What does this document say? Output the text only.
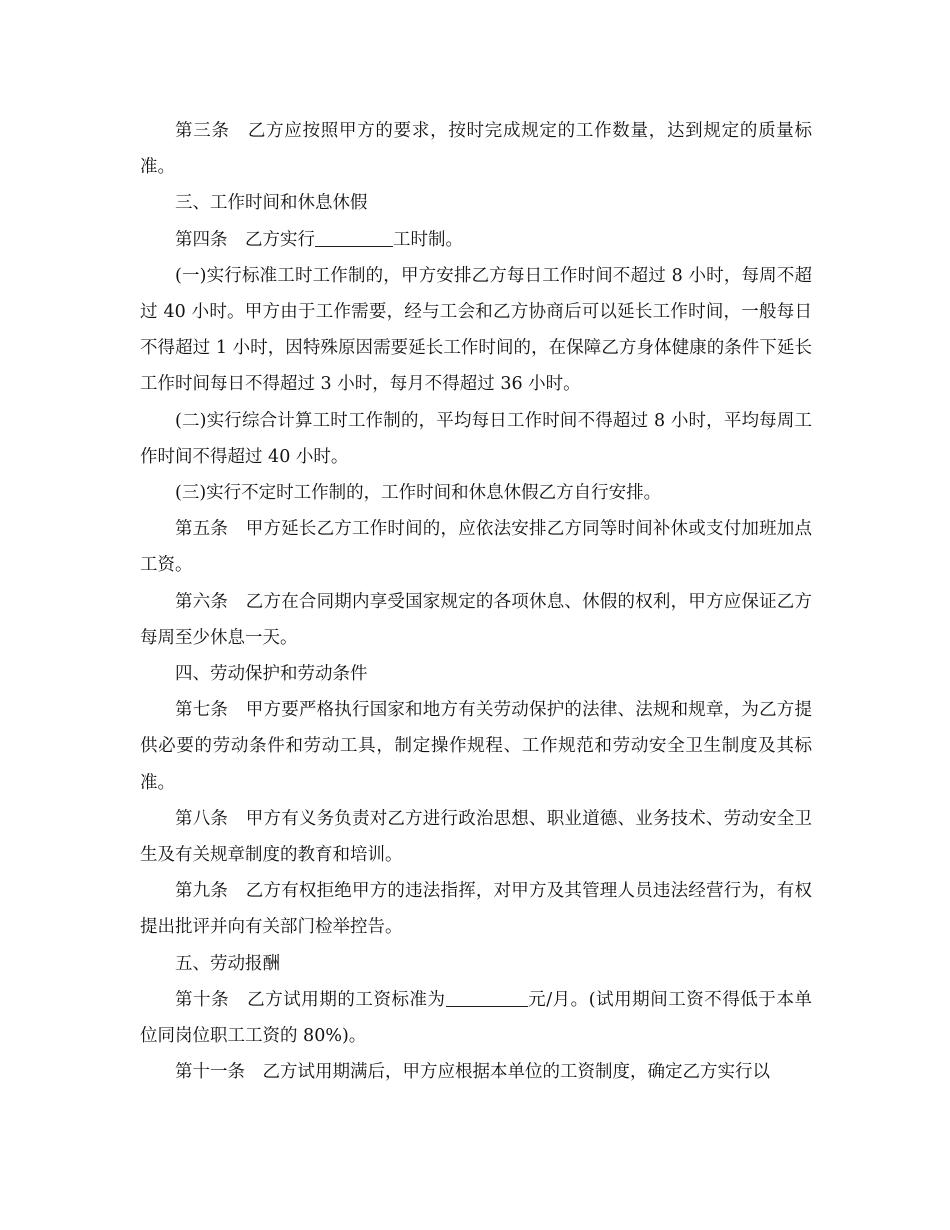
第三条 乙方应按照甲方的要求，按时完成规定的工作数量，达到规定的质量标准。

三、工作时间和休息休假

第四条 乙方实行	工时制。

(一)实行标准工时工作制的，甲方安排乙方每日工作时间不超过 8 小时，每周不超过 40 小时。甲方由于工作需要，经与工会和乙方协商后可以延长工作时间，一般每日不得超过 1 小时，因特殊原因需要延长工作时间的，在保障乙方身体健康的条件下延长工作时间每日不得超过 3 小时，每月不得超过 36 小时。

(二)实行综合计算工时工作制的，平均每日工作时间不得超过 8 小时，平均每周工作时间不得超过 40 小时。

(三)实行不定时工作制的，工作时间和休息休假乙方自行安排。

第五条 甲方延长乙方工作时间的，应依法安排乙方同等时间补休或支付加班加点工资。

第六条 乙方在合同期内享受国家规定的各项休息、休假的权利，甲方应保证乙方每周至少休息一天。

四、劳动保护和劳动条件

第七条 甲方要严格执行国家和地方有关劳动保护的法律、法规和规章，为乙方提供必要的劳动条件和劳动工具，制定操作规程、工作规范和劳动安全卫生制度及其标准。

第八条 甲方有义务负责对乙方进行政治思想、职业道德、业务技术、劳动安全卫生及有关规章制度的教育和培训。

第九条 乙方有权拒绝甲方的违法指挥，对甲方及其管理人员违法经营行为，有权提出批评并向有关部门检举控告。

五、劳动报酬

第十条 乙方试用期的工资标准为	元/月。(试用期间工资不得低于本单位同岗位职工工资的 80%)。

第十一条 乙方试用期满后，甲方应根据本单位的工资制度，确定乙方实行以
